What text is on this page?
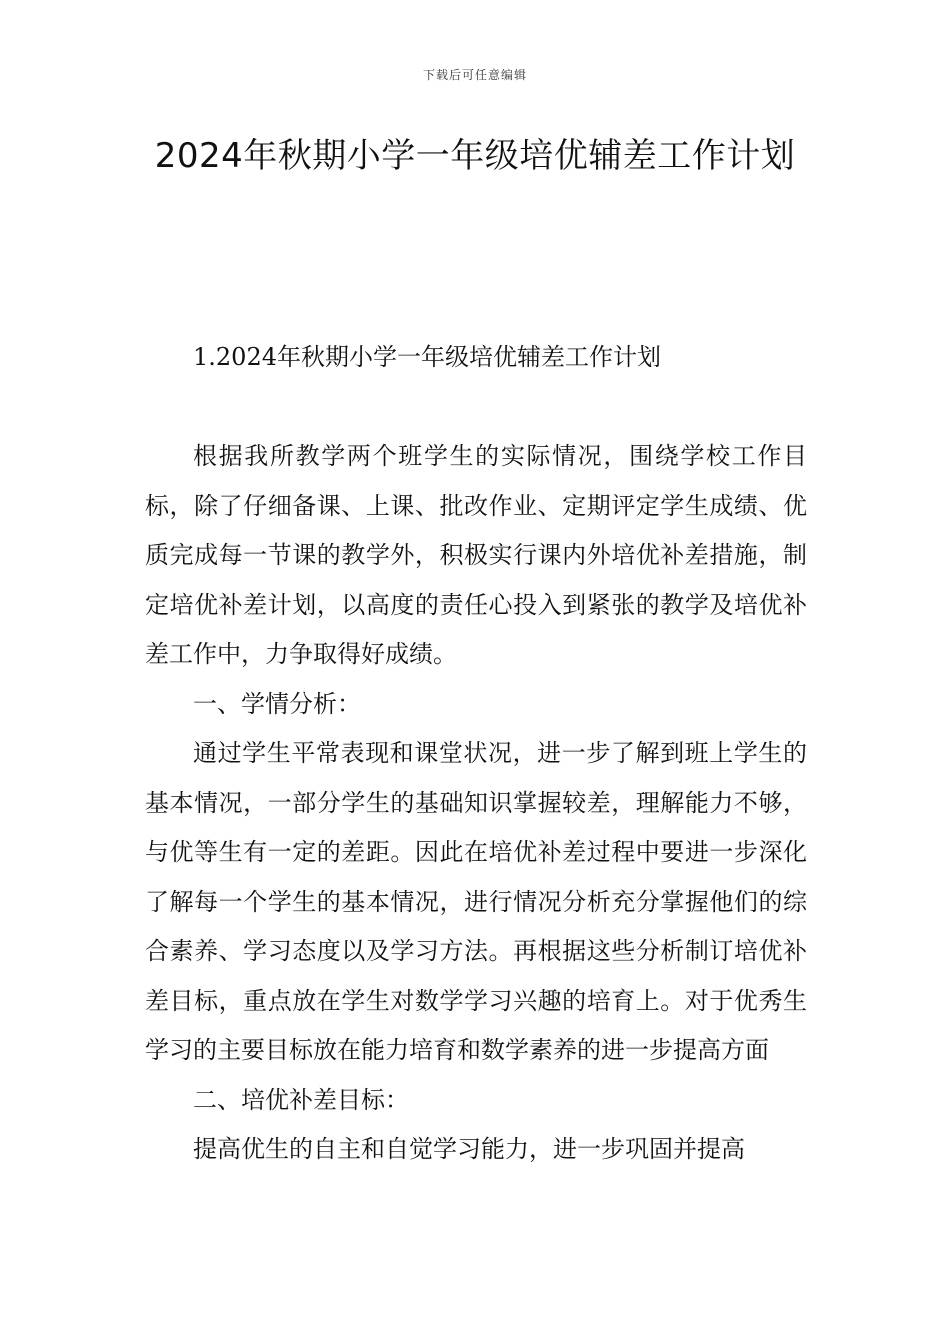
下载后可任意编辑
2024年秋期小学一年级培优辅差工作计划

1.2024年秋期小学一年级培优辅差工作计划

根据我所教学两个班学生的实际情况，围绕学校工作目标，除了仔细备课、上课、批改作业、定期评定学生成绩、优质完成每一节课的教学外，积极实行课内外培优补差措施，制定培优补差计划，以高度的责任心投入到紧张的教学及培优补差工作中，力争取得好成绩。

一、学情分析：

通过学生平常表现和课堂状况，进一步了解到班上学生的基本情况，一部分学生的基础知识掌握较差，理解能力不够，与优等生有一定的差距。因此在培优补差过程中要进一步深化了解每一个学生的基本情况，进行情况分析充分掌握他们的综合素养、学习态度以及学习方法。再根据这些分析制订培优补差目标，重点放在学生对数学学习兴趣的培育上。对于优秀生学习的主要目标放在能力培育和数学素养的进一步提高方面

二、培优补差目标：

提高优生的自主和自觉学习能力，进一步巩固并提高
